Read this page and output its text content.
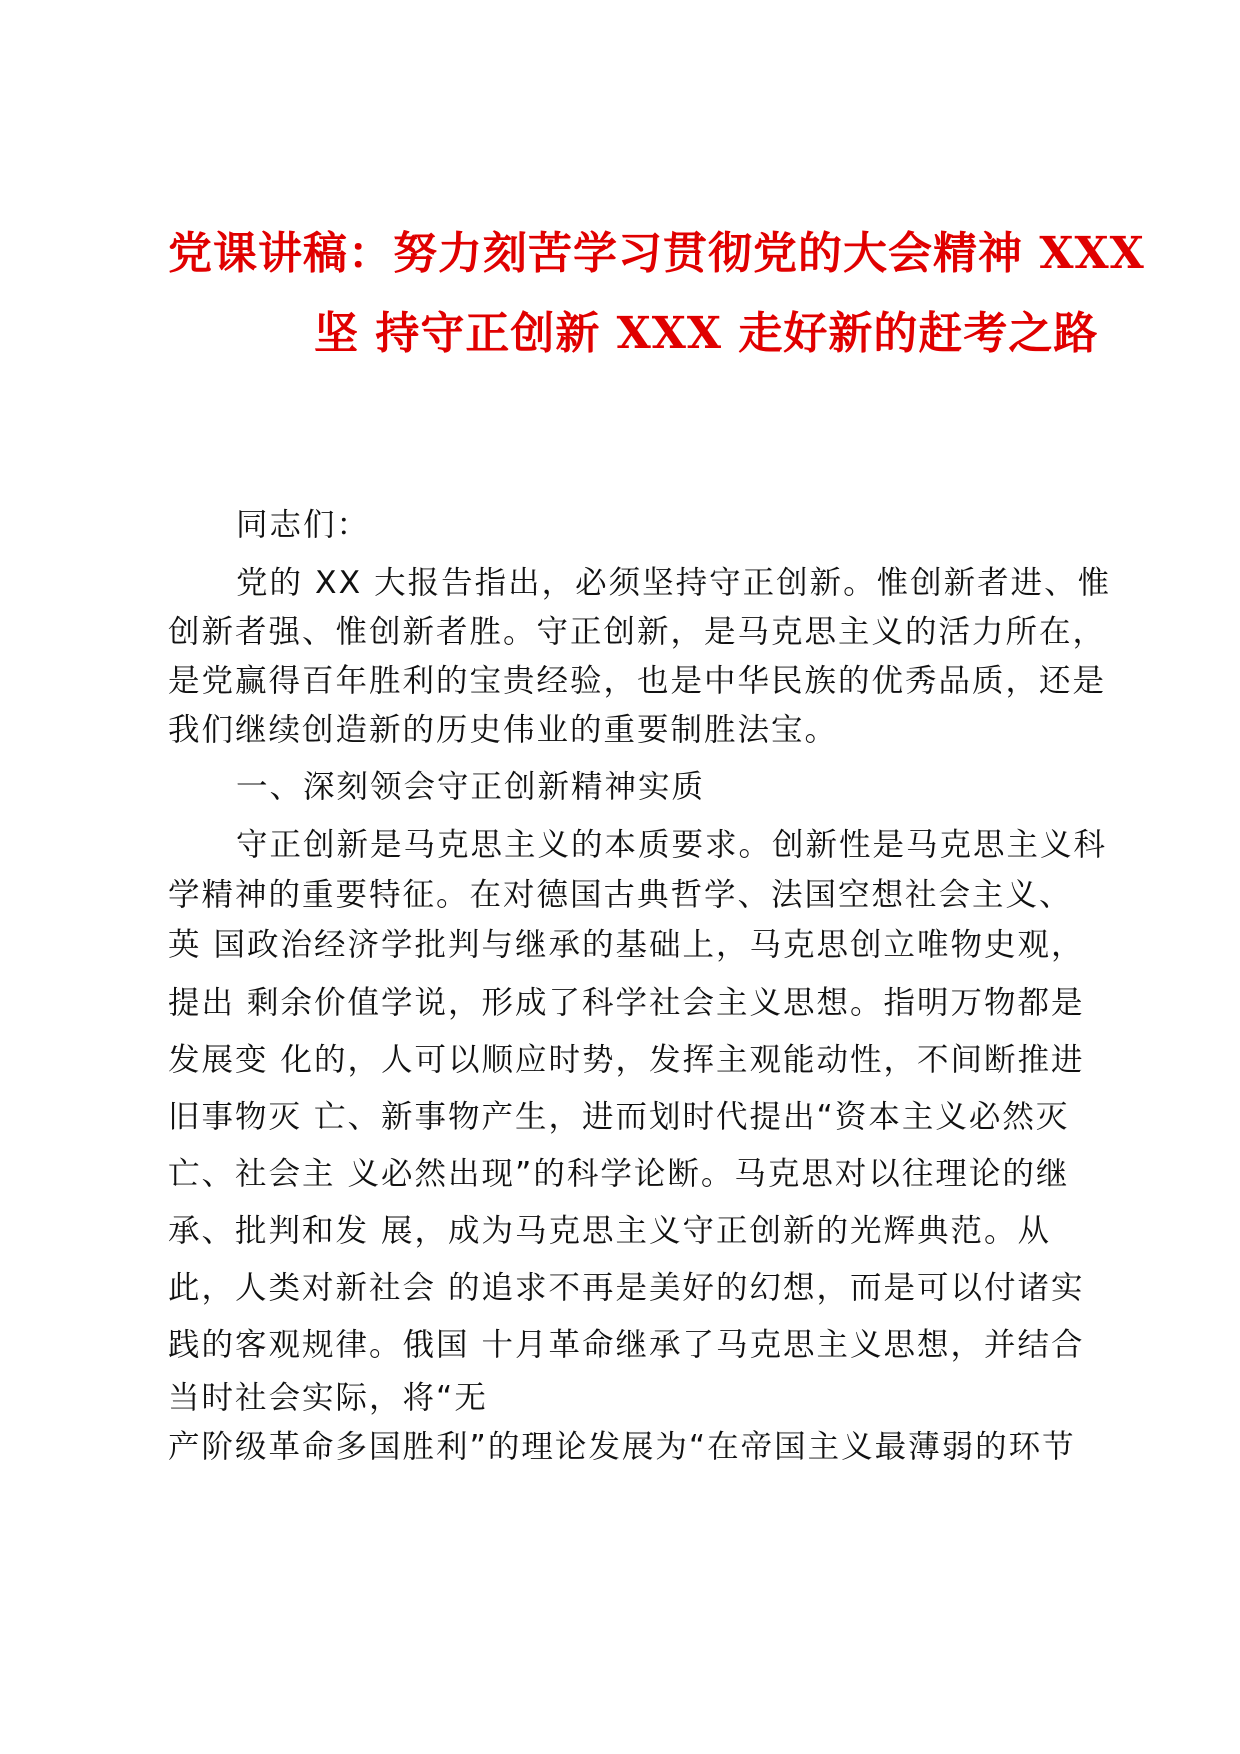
党课讲稿：努力刻苦学习贯彻党的大会精神 XXX
坚 持守正创新 XXX 走好新的赶考之路
同志们：
党的 XX 大报告指出，必须坚持守正创新。惟创新者进、惟
创新者强、惟创新者胜。守正创新，是马克思主义的活力所在，
是党赢得百年胜利的宝贵经验，也是中华民族的优秀品质，还是
我们继续创造新的历史伟业的重要制胜法宝。
一、深刻领会守正创新精神实质
守正创新是马克思主义的本质要求。创新性是马克思主义科
学精神的重要特征。在对德国古典哲学、法国空想社会主义、
英 国政治经济学批判与继承的基础上，马克思创立唯物史观，
提出 剩余价值学说，形成了科学社会主义思想。指明万物都是
发展变 化的，人可以顺应时势，发挥主观能动性，不间断推进
旧事物灭 亡、新事物产生，进而划时代提出“资本主义必然灭
亡、社会主 义必然出现”的科学论断。马克思对以往理论的继
承、批判和发 展，成为马克思主义守正创新的光辉典范。从
此，人类对新社会 的追求不再是美好的幻想，而是可以付诸实
践的客观规律。俄国 十月革命继承了马克思主义思想，并结合
当时社会实际，将“无
产阶级革命多国胜利”的理论发展为“在帝国主义最薄弱的环节
